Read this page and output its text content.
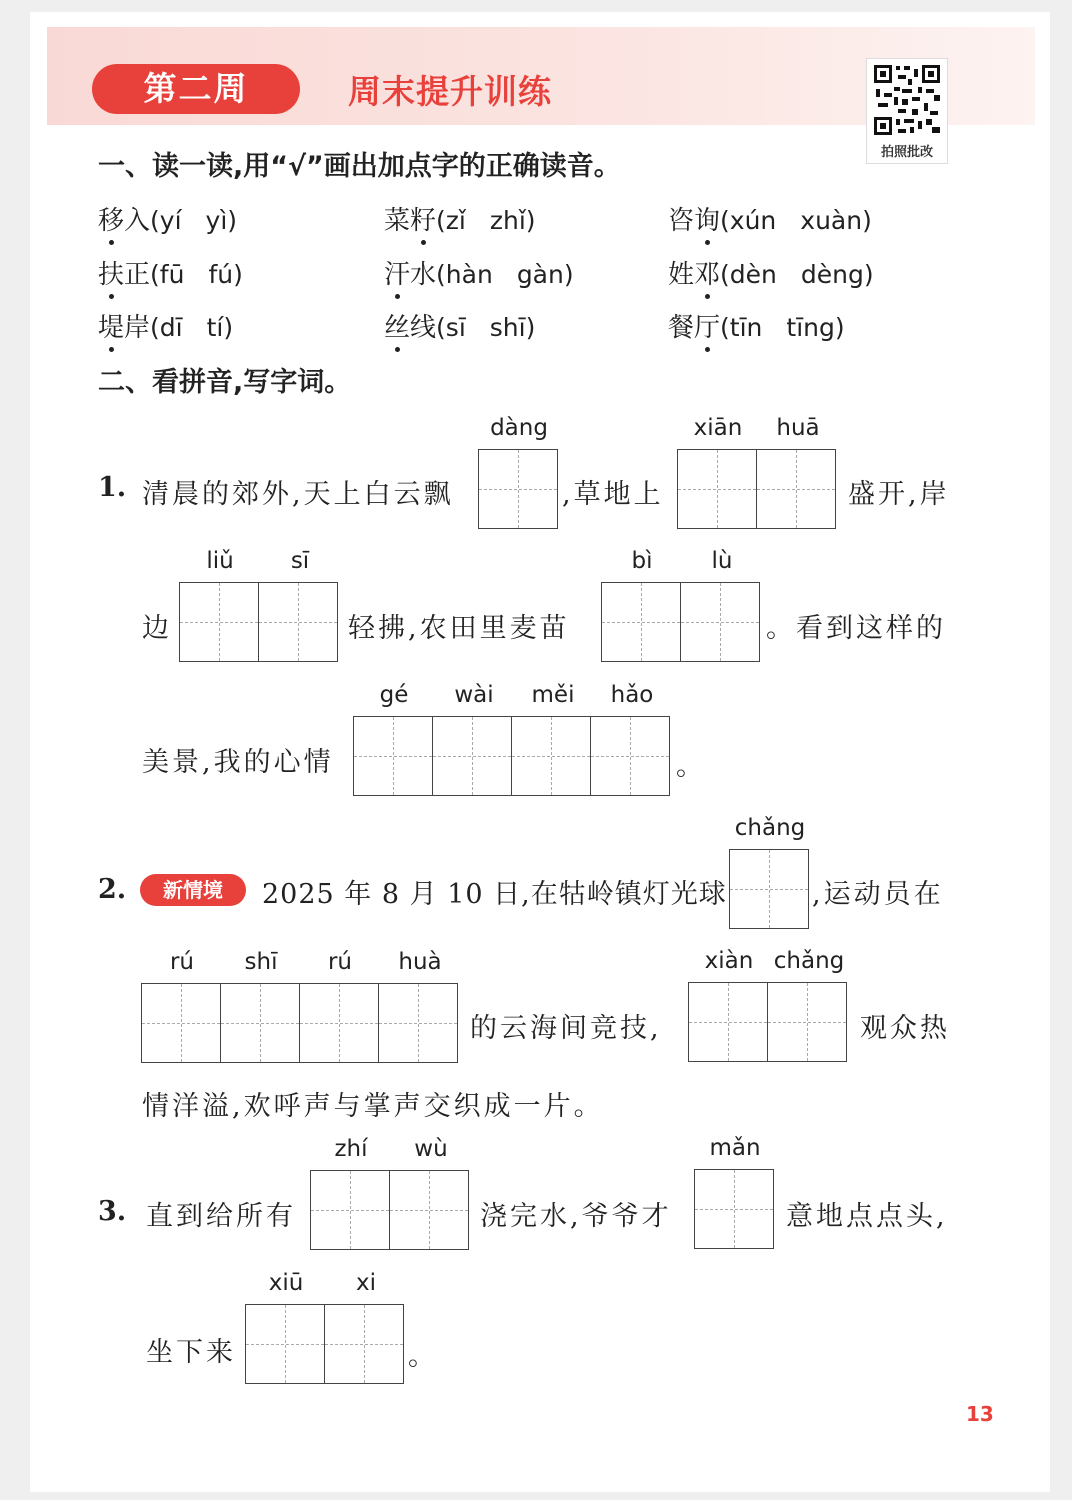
第二周	周末提升训练
拍照批改
一、读一读,用“√”画出加点字的正确读音。
移入(yí yì)	菜籽(zǐ zhǐ)	咨询(xún xuàn)
扶正(fū fú)	汗水(hàn gàn)	姓邓(dèn dèng)
堤岸(dī tí)	丝线(sī shī)	餐厅(tīn tīng)
二、看拼音,写字词。
1. 清晨的郊外,天上白云飘
dàng
,草地上
xiān	huā
盛开,岸
边
liǔ	sī
轻拂,农田里麦苗
bì	lù
。看到这样的
美景,我的心情
gé	wài	měi	hǎo
。
2.	新情境	2025 年 8 月 10 日,在牯岭镇灯光球
chǎng
,运动员在
rú	shī	rú	huà
的云海间竞技,
xiàn chǎng
观众热
情洋溢,欢呼声与掌声交织成一片。
3. 直到给所有
zhí	wù
浇完水,爷爷才
mǎn
意地点点头,
坐下来
xiū	xi
。
13
